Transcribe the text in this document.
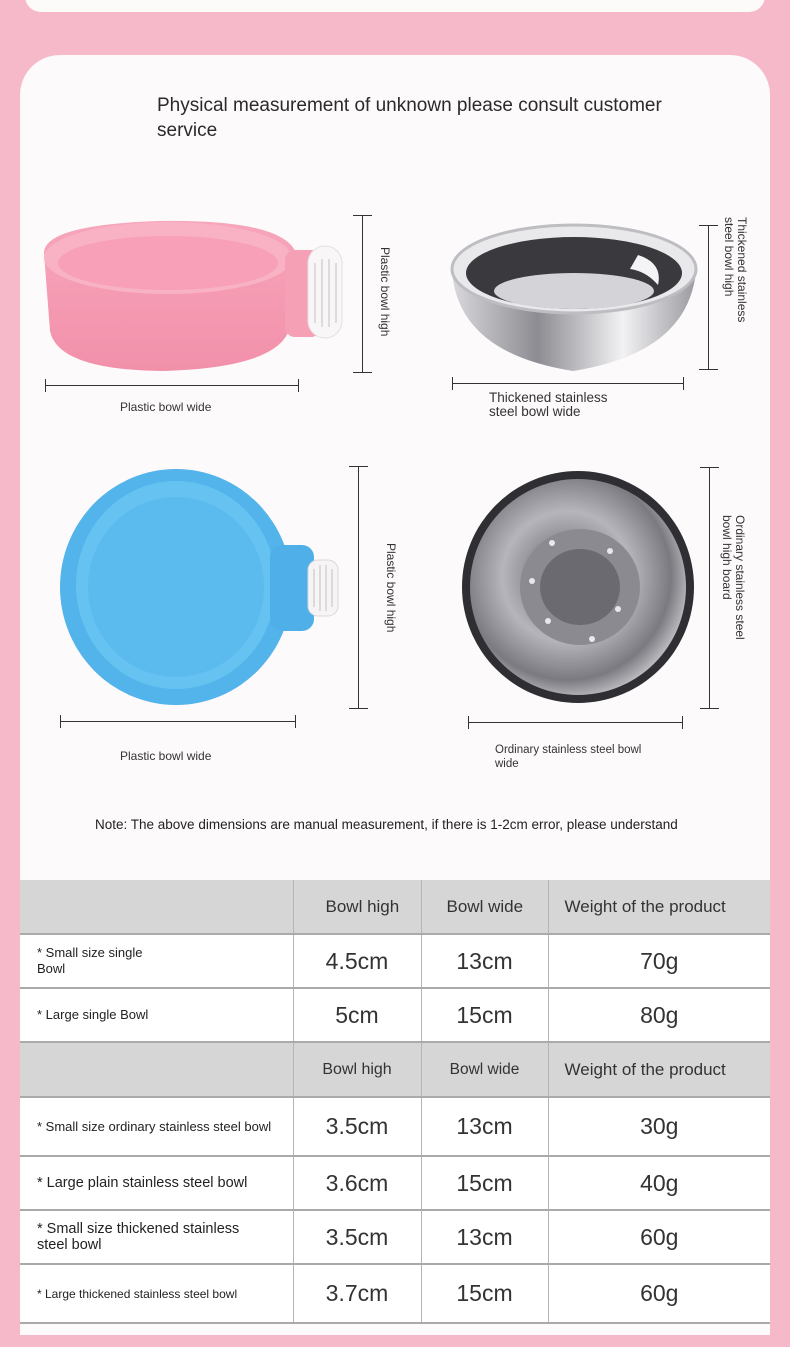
Physical measurement of unknown please consult customer service
Plastic bowl high
Plastic bowl wide
Thickened stainless steel bowl high
Thickened stainless steel bowl wide
Plastic bowl high
Plastic bowl wide
Ordinary stainless steel bowl high board
Ordinary stainless steel bowl wide
Note: The above dimensions are manual measurement, if there is 1-2cm error, please understand
	Bowl high	Bowl wide	Weight of the product
* Small size single Bowl	4.5cm	13cm	70g
* Large single Bowl	5cm	15cm	80g
	Bowl high	Bowl wide	Weight of the product
* Small size ordinary stainless steel bowl	3.5cm	13cm	30g
* Large plain stainless steel bowl	3.6cm	15cm	40g
* Small size thickened stainless steel bowl	3.5cm	13cm	60g
* Large thickened stainless steel bowl	3.7cm	15cm	60g
